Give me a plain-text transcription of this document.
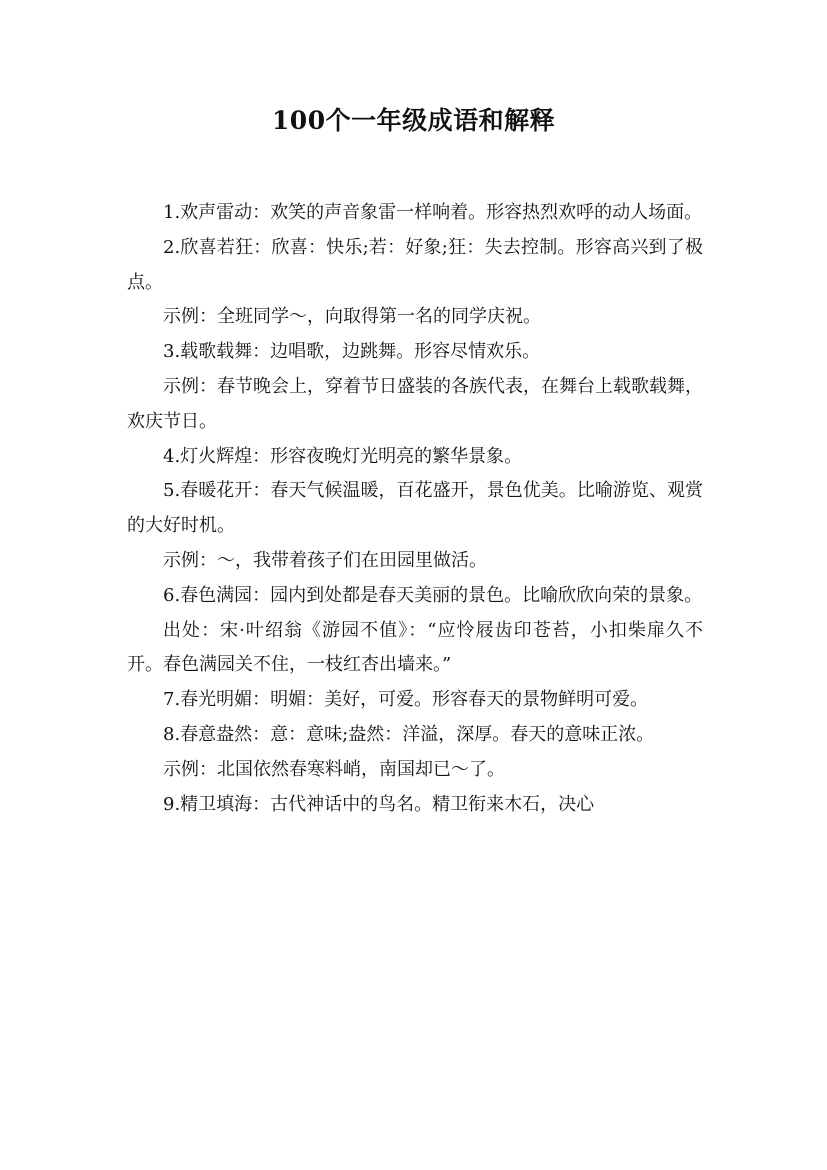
100个一年级成语和解释

1.欢声雷动：欢笑的声音象雷一样响着。形容热烈欢呼的动人场面。

2.欣喜若狂：欣喜：快乐;若：好象;狂：失去控制。形容高兴到了极点。

示例：全班同学～，向取得第一名的同学庆祝。

3.载歌载舞：边唱歌，边跳舞。形容尽情欢乐。

示例：春节晚会上，穿着节日盛装的各族代表，在舞台上载歌载舞，欢庆节日。

4.灯火辉煌：形容夜晚灯光明亮的繁华景象。

5.春暖花开：春天气候温暖，百花盛开，景色优美。比喻游览、观赏的大好时机。

示例：～，我带着孩子们在田园里做活。

6.春色满园：园内到处都是春天美丽的景色。比喻欣欣向荣的景象。

出处：宋·叶绍翁《游园不值》：“应怜屐齿印苍苔，小扣柴扉久不开。春色满园关不住，一枝红杏出墙来。”

7.春光明媚：明媚：美好，可爱。形容春天的景物鲜明可爱。

8.春意盎然：意：意味;盎然：洋溢，深厚。春天的意味正浓。

示例：北国依然春寒料峭，南国却已～了。

9.精卫填海：古代神话中的鸟名。精卫衔来木石，决心
